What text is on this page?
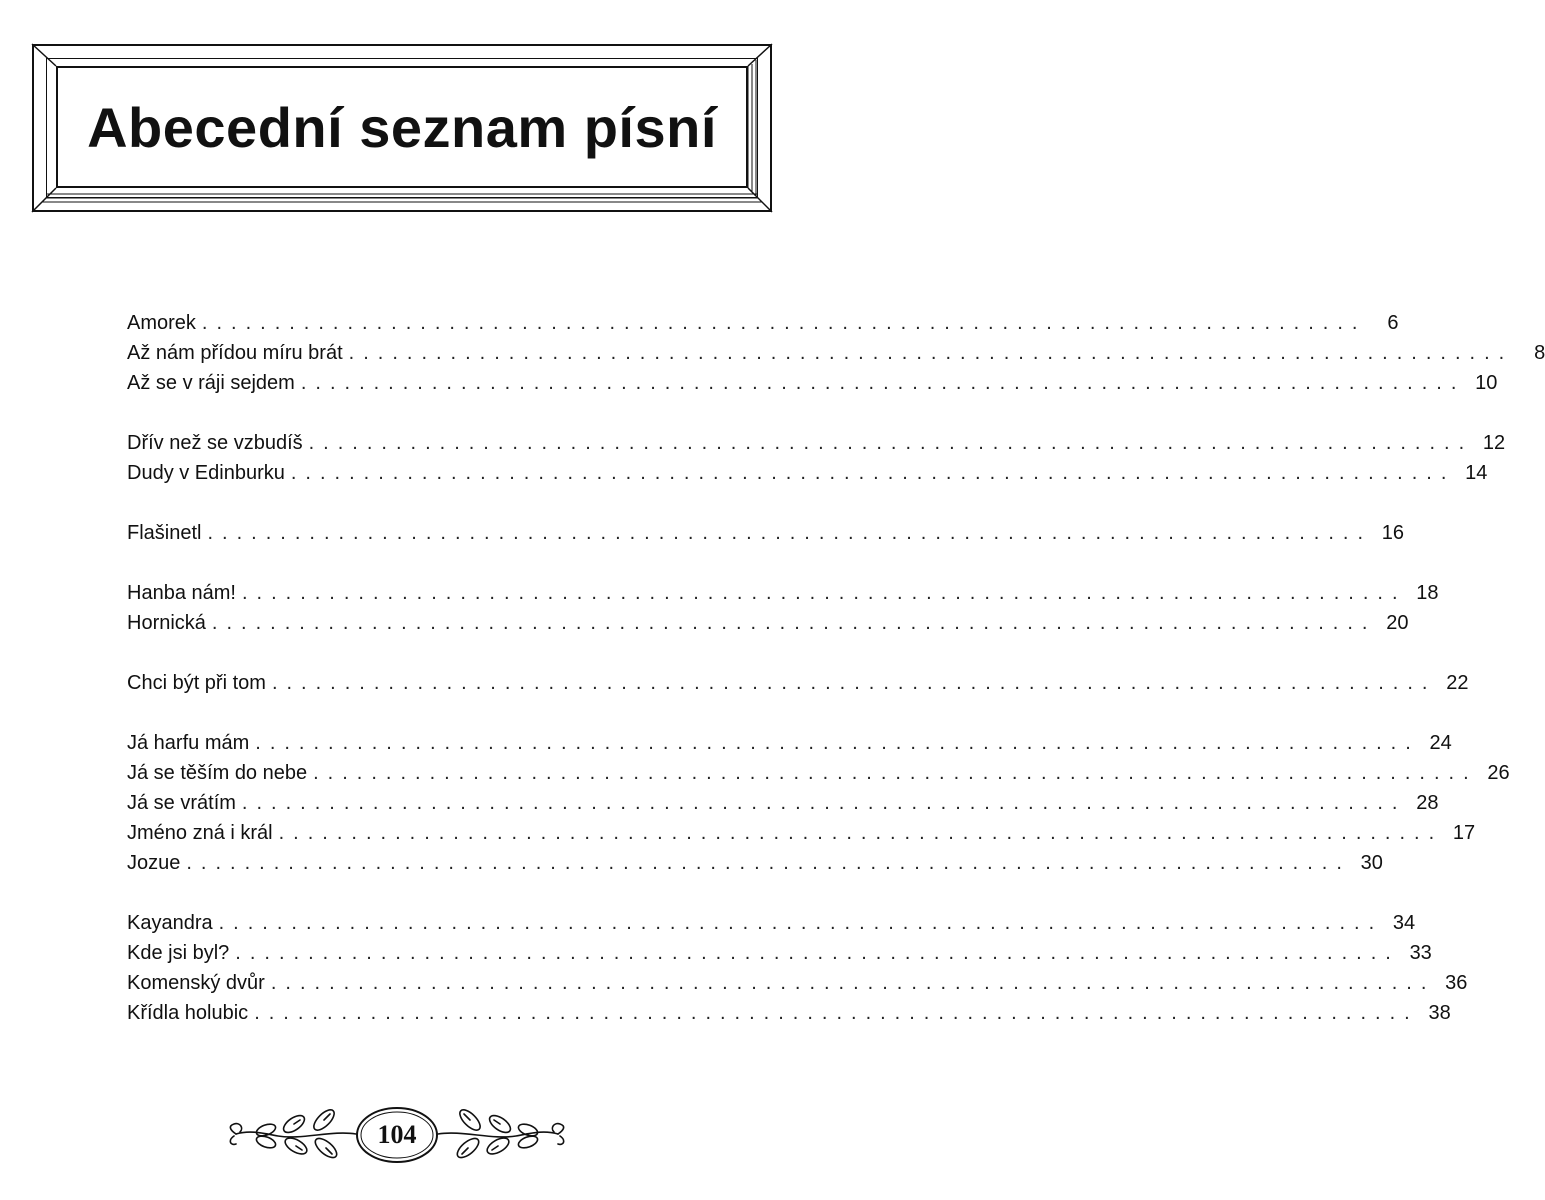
Abecední seznam písní
Amorek ................................................................................	6
Až nám přídou míru brát ................................................................................	8
Až se v ráji sejdem ................................................................................ 10
Dřív než se vzbudíš ................................................................................ 12
Dudy v Edinburku ................................................................................ 14
Flašinetl ................................................................................ 16
Hanba nám! ................................................................................ 18
Hornická ................................................................................ 20
Chci být při tom ................................................................................ 22
Já harfu mám ................................................................................ 24
Já se těším do nebe ................................................................................ 26
Já se vrátím ................................................................................ 28
Jméno zná i král ................................................................................ 17
Jozue ................................................................................ 30
Kayandra ................................................................................ 34
Kde jsi byl? ................................................................................ 33
Komenský dvůr ................................................................................ 36
Křídla holubic ................................................................................ 38
104
